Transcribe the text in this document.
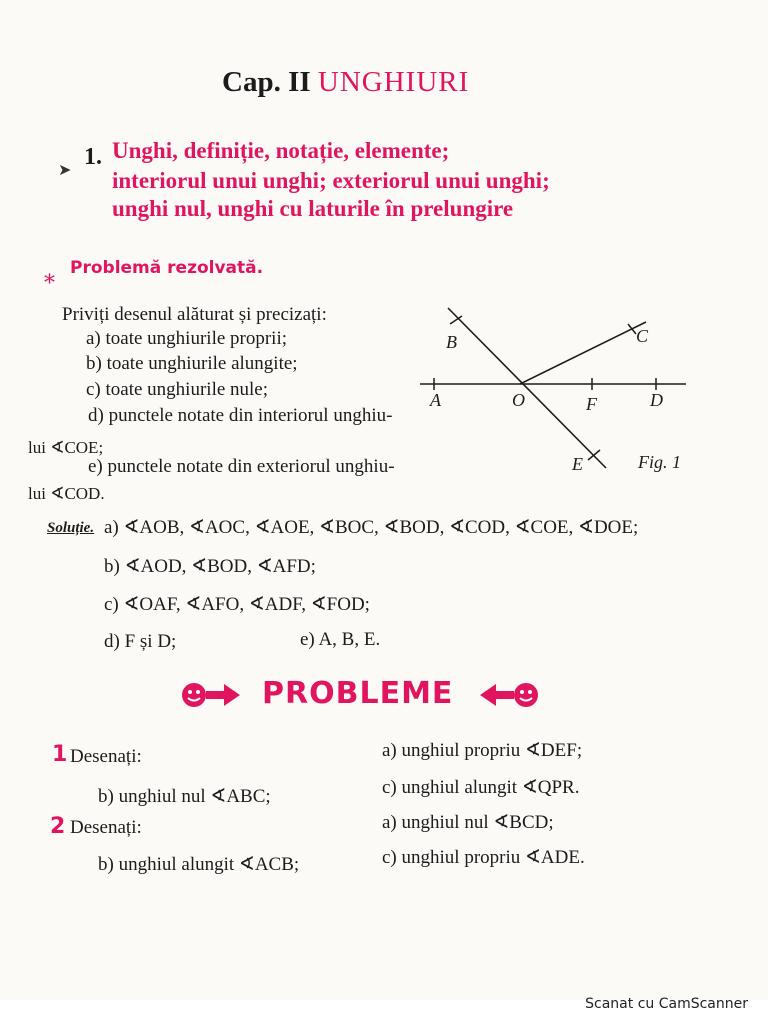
Cap. II UNGHIURI
➤ 1. Unghi, definiție, notație, elemente;
interiorul unui unghi; exteriorul unui unghi;
unghi nul, unghi cu laturile în prelungire
⁎ Problemă rezolvată.
Priviți desenul alăturat și precizați:
a) toate unghiurile proprii;
b) toate unghiurile alungite;
c) toate unghiurile nule;
d) punctele notate din interiorul unghiu-
lui ∢COE;
e) punctele notate din exteriorul unghiu-
lui ∢COD.
B	C
A	O	F	D
E	Fig. 1
Soluție. a) ∢AOB, ∢AOC, ∢AOE, ∢BOC, ∢BOD, ∢COD, ∢COE, ∢DOE;
b) ∢AOD, ∢BOD, ∢AFD;
c) ∢OAF, ∢AFO, ∢ADF, ∢FOD;
d) F și D;	e) A, B, E.
PROBLEME
1 Desenați:	a) unghiul propriu ∢DEF;
b) unghiul nul ∢ABC;	c) unghiul alungit ∢QPR.
2 Desenați:	a) unghiul nul ∢BCD;
b) unghiul alungit ∢ACB;	c) unghiul propriu ∢ADE.
Scanat cu CamScanner
